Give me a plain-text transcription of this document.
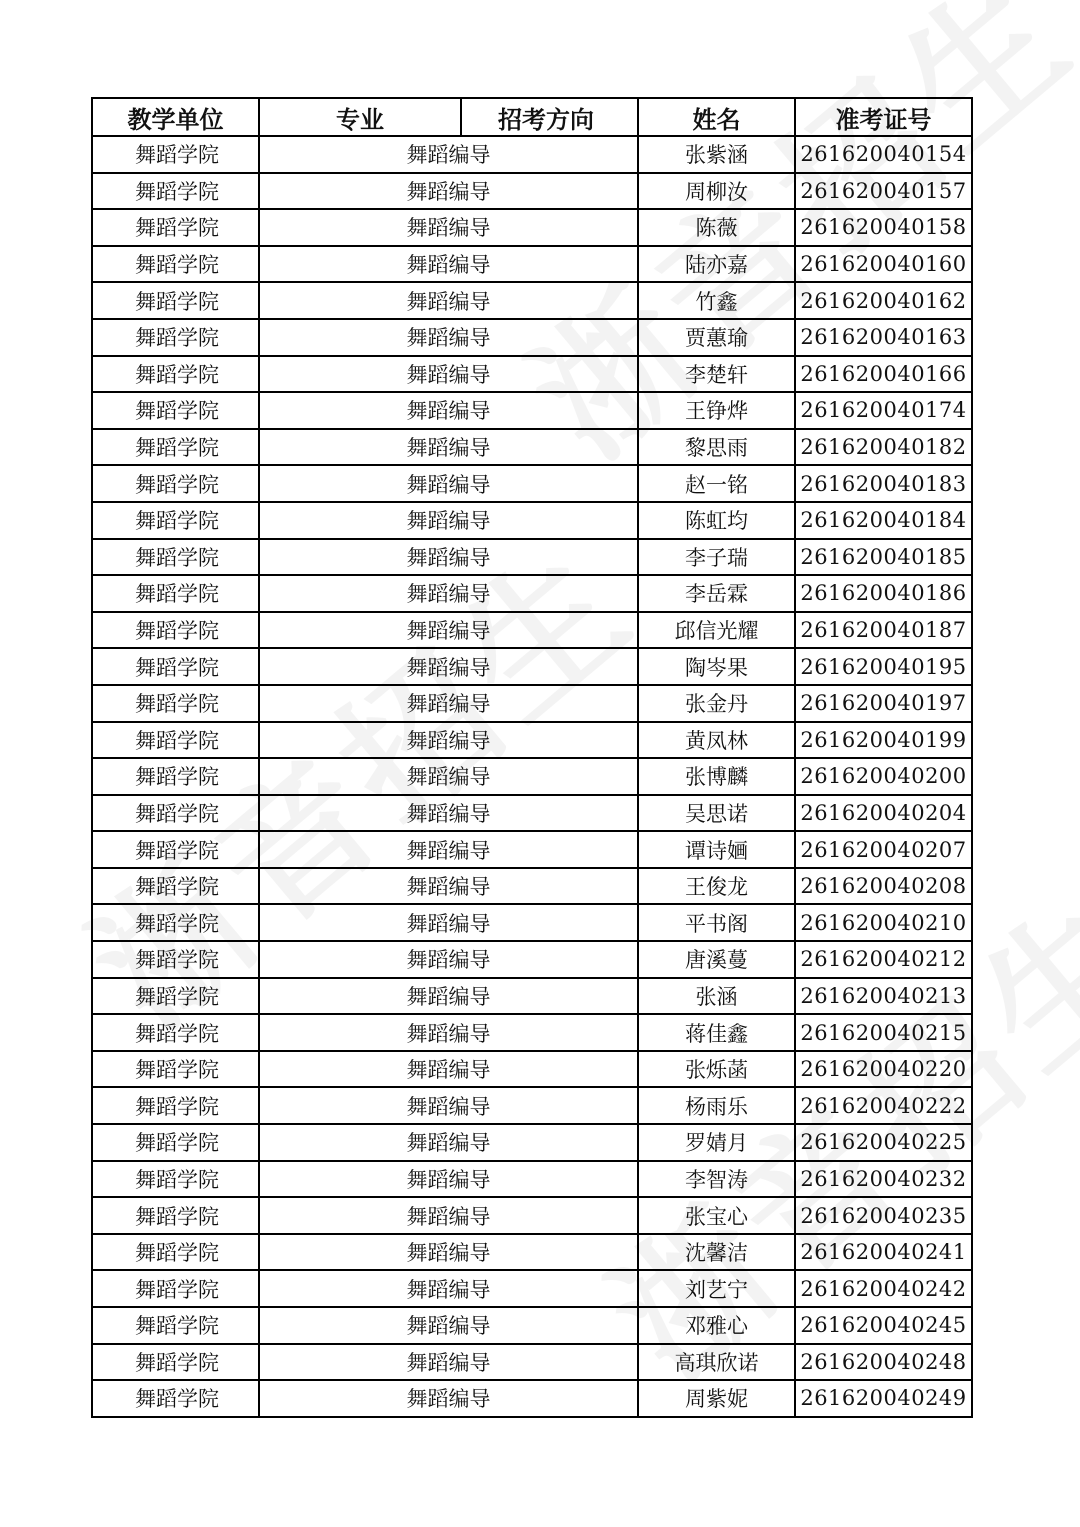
教学单位	专业	招考方向	姓名	准考证号
舞蹈学院	舞蹈编导		张紫涵	261620040154
舞蹈学院	舞蹈编导		周柳汝	261620040157
舞蹈学院	舞蹈编导		陈薇	261620040158
舞蹈学院	舞蹈编导		陆亦嘉	261620040160
舞蹈学院	舞蹈编导		竹鑫	261620040162
舞蹈学院	舞蹈编导		贾蕙瑜	261620040163
舞蹈学院	舞蹈编导		李楚轩	261620040166
舞蹈学院	舞蹈编导		王铮烨	261620040174
舞蹈学院	舞蹈编导		黎思雨	261620040182
舞蹈学院	舞蹈编导		赵一铭	261620040183
舞蹈学院	舞蹈编导		陈虹均	261620040184
舞蹈学院	舞蹈编导		李子瑞	261620040185
舞蹈学院	舞蹈编导		李岳霖	261620040186
舞蹈学院	舞蹈编导		邱信光耀	261620040187
舞蹈学院	舞蹈编导		陶岑果	261620040195
舞蹈学院	舞蹈编导		张金丹	261620040197
舞蹈学院	舞蹈编导		黄凤林	261620040199
舞蹈学院	舞蹈编导		张博麟	261620040200
舞蹈学院	舞蹈编导		吴思诺	261620040204
舞蹈学院	舞蹈编导		谭诗婳	261620040207
舞蹈学院	舞蹈编导		王俊龙	261620040208
舞蹈学院	舞蹈编导		平书阁	261620040210
舞蹈学院	舞蹈编导		唐溪蔓	261620040212
舞蹈学院	舞蹈编导		张涵	261620040213
舞蹈学院	舞蹈编导		蒋佳鑫	261620040215
舞蹈学院	舞蹈编导		张烁菡	261620040220
舞蹈学院	舞蹈编导		杨雨乐	261620040222
舞蹈学院	舞蹈编导		罗婧月	261620040225
舞蹈学院	舞蹈编导		李智涛	261620040232
舞蹈学院	舞蹈编导		张宝心	261620040235
舞蹈学院	舞蹈编导		沈馨洁	261620040241
舞蹈学院	舞蹈编导		刘艺宁	261620040242
舞蹈学院	舞蹈编导		邓雅心	261620040245
舞蹈学院	舞蹈编导		高琪欣诺	261620040248
舞蹈学院	舞蹈编导		周紫妮	261620040249
